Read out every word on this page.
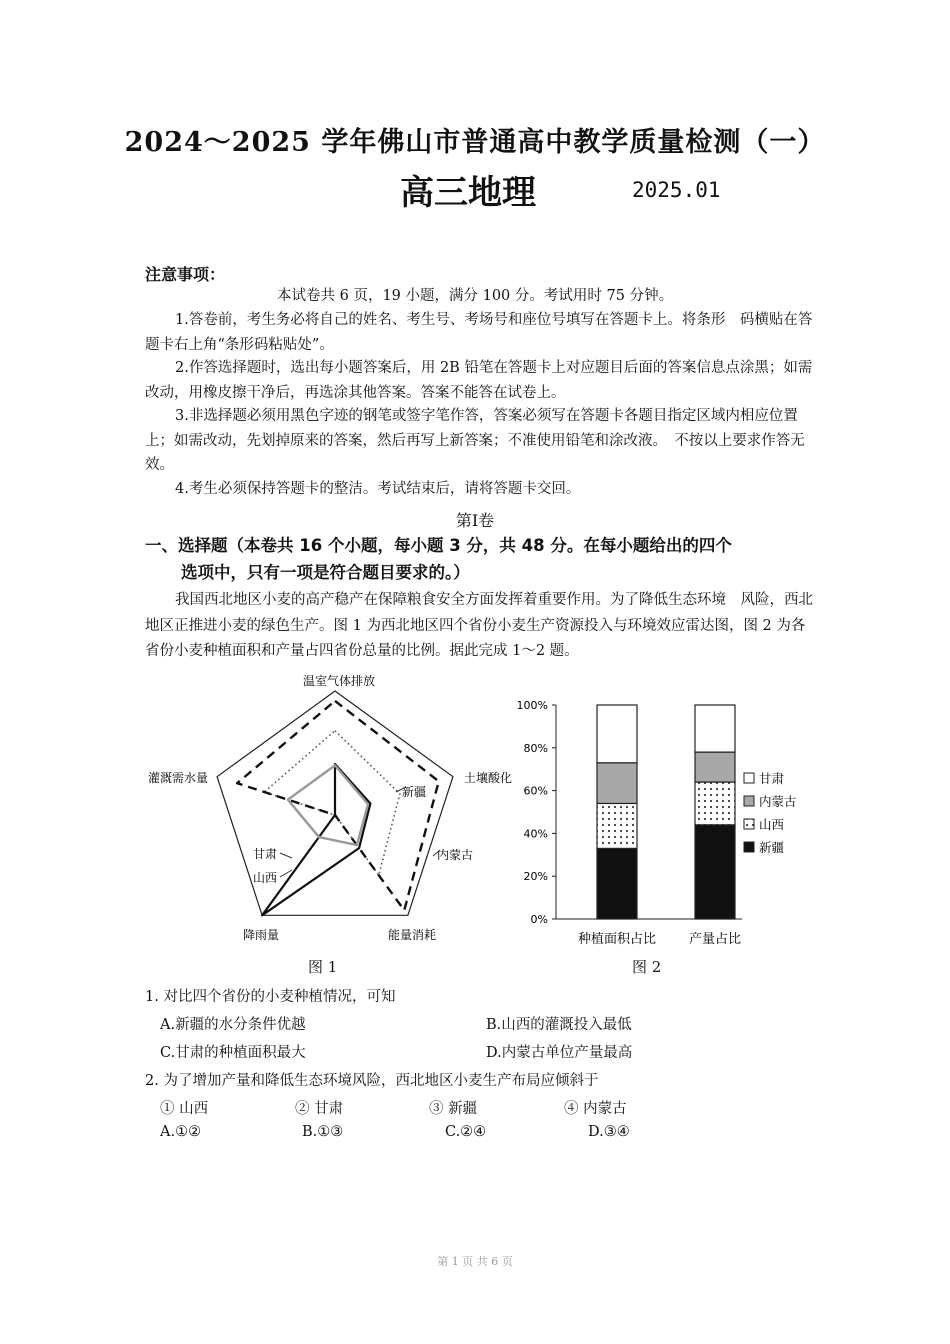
2024～2025 学年佛山市普通高中教学质量检测（一）
高三地理	2025.01
注意事项：
本试卷共 6 页，19 小题，满分 100 分。考试用时 75 分钟。
1.答卷前，考生务必将自己的姓名、考生号、考场号和座位号填写在答题卡上。将条形　码横贴在答题卡右上角“条形码粘贴处”。
2.作答选择题时，选出每小题答案后，用 2B 铅笔在答题卡上对应题目后面的答案信息点涂黑；如需改动，用橡皮擦干净后，再选涂其他答案。答案不能答在试卷上。
3.非选择题必须用黑色字迹的钢笔或签字笔作答，答案必须写在答题卡各题目指定区域内相应位置上；如需改动，先划掉原来的答案，然后再写上新答案；不准使用铅笔和涂改液。　不按以上要求作答无效。
4.考生必须保持答题卡的整洁。考试结束后，请将答题卡交回。
第Ⅰ卷
一、选择题（本卷共 16 个小题，每小题 3 分，共 48 分。在每小题给出的四个
选项中，只有一项是符合题目要求的。）
我国西北地区小麦的高产稳产在保障粮食安全方面发挥着重要作用。为了降低生态环境　风险，西北地区正推进小麦的绿色生产。图 1 为西北地区四个省份小麦生产资源投入与环境效应雷达图，图 2 为各省份小麦种植面积和产量占四省份总量的比例。据此完成 1～2 题。
温室气体排放
土壤酸化
能量消耗
降雨量
灌溉需水量
新疆
内蒙古
甘肃
山西
图 1
0%
20%
40%
60%
80%
100%
种植面积占比	产量占比
甘肃
内蒙古
山西
新疆
图 2
1. 对比四个省份的小麦种植情况，可知
A.新疆的水分条件优越	B.山西的灌溉投入最低
C.甘肃的种植面积最大	D.内蒙古单位产量最高
2. 为了增加产量和降低生态环境风险，西北地区小麦生产布局应倾斜于
① 山西	② 甘肃	③ 新疆	④ 内蒙古
A.①②	B.①③	C.②④	D.③④
第 1 页 共 6 页
